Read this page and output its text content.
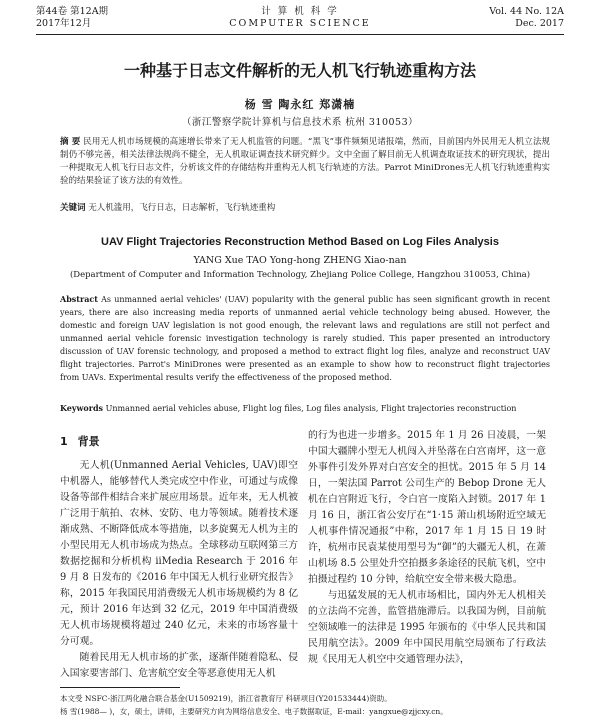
第44卷 第12A期
2017年12月
计 算 机 科 学
COMPUTER SCIENCE
Vol. 44 No. 12A
Dec. 2017
一种基于日志文件解析的无人机飞行轨迹重构方法
杨 雪 陶永红 郑潇楠
（浙江警察学院计算机与信息技术系 杭州 310053）
摘 要 民用无人机市场规模的高速增长带来了无人机监管的问题。“黑飞”事件频频见诸报端，然而，目前国内外民用无人机立法规制仍不够完善，相关法律法规尚不健全，无人机取证调查技术研究鲜少。文中全面了解目前无人机调查取证技术的研究现状，提出一种提取无人机飞行日志文件，分析该文件的存储结构并重构无人机飞行轨迹的方法。Parrot MiniDrones无人机飞行轨迹重构实验的结果验证了该方法的有效性。
关键词 无人机滥用，飞行日志，日志解析，飞行轨迹重构
UAV Flight Trajectories Reconstruction Method Based on Log Files Analysis
YANG Xue TAO Yong-hong ZHENG Xiao-nan
(Department of Computer and Information Technology, Zhejiang Police College, Hangzhou 310053, China)
Abstract As unmanned aerial vehicles' (UAV) popularity with the general public has seen significant growth in recent years, there are also increasing media reports of unmanned aerial vehicle technology being abused. However, the domestic and foreign UAV legislation is not good enough, the relevant laws and regulations are still not perfect and unmanned aerial vehicle forensic investigation technology is rarely studied. This paper presented an introductory discussion of UAV forensic technology, and proposed a method to extract flight log files, analyze and reconstruct UAV flight trajectories. Parrot's MiniDrones were presented as an example to show how to reconstruct flight trajectories from UAVs. Experimental results verify the effectiveness of the proposed method.
Keywords Unmanned aerial vehicles abuse, Flight log files, Log files analysis, Flight trajectories reconstruction

1 背景

无人机(Unmanned Aerial Vehicles, UAV)即空中机器人，能够替代人类完成空中作业，可通过与成像设备等部件相结合来扩展应用场景。近年来，无人机被广泛用于航拍、农林、安防、电力等领域。随着技术逐渐成熟、不断降低成本等措施，以多旋翼无人机为主的小型民用无人机市场成为热点。全球移动互联网第三方数据挖掘和分析机构 iiMedia Research 于 2016 年 9 月 8 日发布的《2016 年中国无人机行业研究报告》称，2015 年我国民用消费级无人机市场规模约为 8 亿元，预计 2016 年达到 32 亿元，2019 年中国消费级无人机市场规模将超过 240 亿元，未来的市场容量十分可观。

随着民用无人机市场的扩张，逐渐伴随着隐私、侵入国家要害部门、危害航空安全等恶意使用无人机

的行为也进一步增多。2015 年 1 月 26 日凌晨，一架中国大疆牌小型无人机闯入并坠落在白宫南坪，这一意外事件引发外界对白宫安全的担忧。2015 年 5 月 14 日，一架法国 Parrot 公司生产的 Bebop Drone 无人机在白宫附近飞行，令白宫一度陷入封锁。2017 年 1 月 16 日，浙江省公安厅在“1·15 萧山机场附近空域无人机事件情况通报”中称，2017 年 1 月 15 日 19 时许，杭州市民袁某使用型号为“御”的大疆无人机，在萧山机场 8.5 公里处升空拍摄多条途径的民航飞机，空中拍摄过程约 10 分钟，给航空安全带来极大隐患。

与迅猛发展的无人机市场相比，国内外无人机相关的立法尚不完善，监管措施滞后。以我国为例，目前航空领域唯一的法律是 1995 年颁布的《中华人民共和国民用航空法》。2009 年中国民用航空局颁布了行政法规《民用无人机空中交通管理办法》，

本文受 NSFC-浙江两化融合联合基金(U1509219)，浙江省教育厅 科研项目(Y201533444)资助。
杨 雪(1988— )，女，硕士，讲师，主要研究方向为网络信息安全、电子数据取证，E-mail：yangxue@zjjcxy.cn。
